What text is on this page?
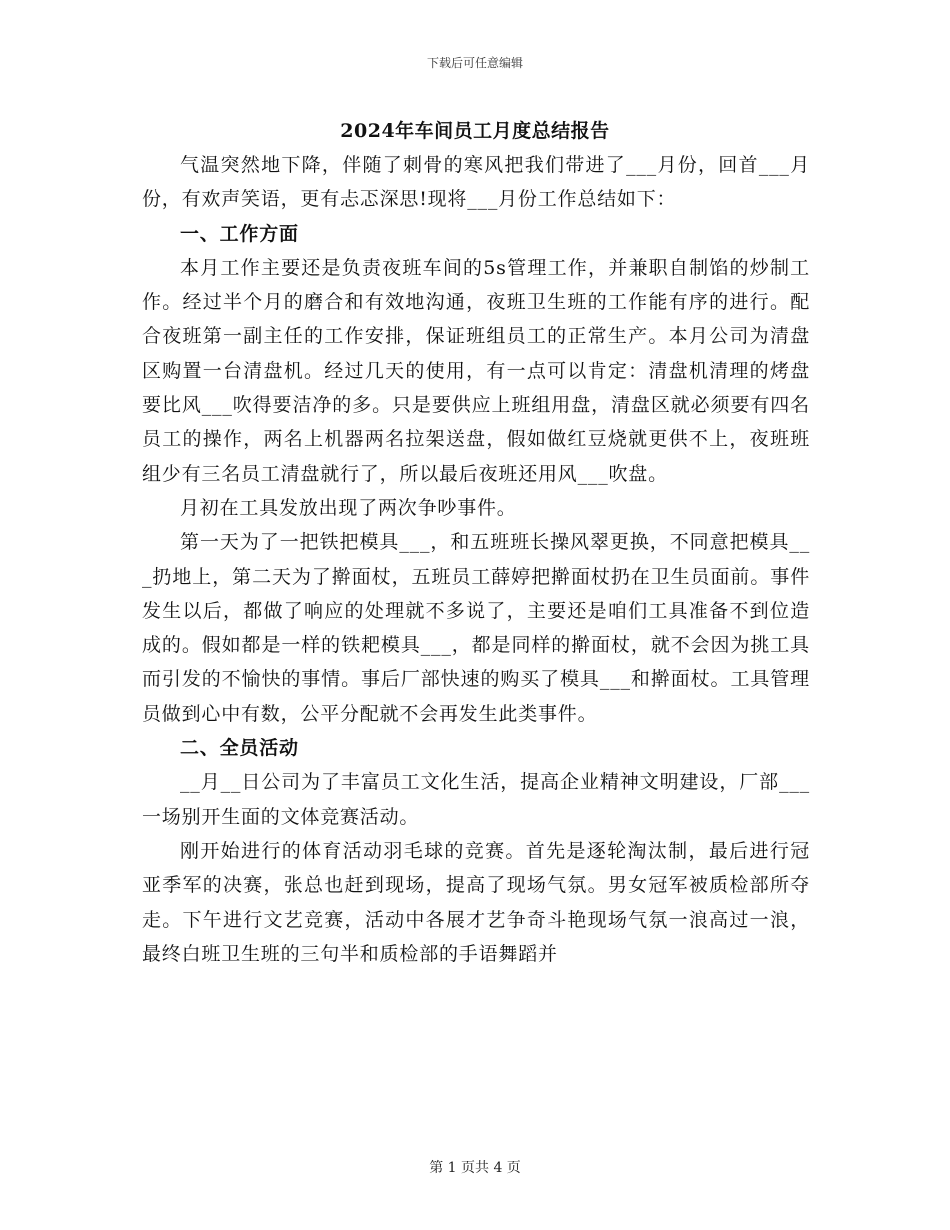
下载后可任意编辑
2024年车间员工月度总结报告

气温突然地下降，伴随了刺骨的寒风把我们带进了___月份，回首___月份，有欢声笑语，更有忐忑深思!现将___月份工作总结如下：

一、工作方面

本月工作主要还是负责夜班车间的5s管理工作，并兼职自制馅的炒制工作。经过半个月的磨合和有效地沟通，夜班卫生班的工作能有序的进行。配合夜班第一副主任的工作安排，保证班组员工的正常生产。本月公司为清盘区购置一台清盘机。经过几天的使用，有一点可以肯定：清盘机清理的烤盘要比风___吹得要洁净的多。只是要供应上班组用盘，清盘区就必须要有四名员工的操作，两名上机器两名拉架送盘，假如做红豆烧就更供不上，夜班班组少有三名员工清盘就行了，所以最后夜班还用风___吹盘。

月初在工具发放出现了两次争吵事件。

第一天为了一把铁把模具___，和五班班长操风翠更换，不同意把模具___扔地上，第二天为了擀面杖，五班员工薛婷把擀面杖扔在卫生员面前。事件发生以后，都做了响应的处理就不多说了，主要还是咱们工具准备不到位造成的。假如都是一样的铁耙模具___，都是同样的擀面杖，就不会因为挑工具而引发的不愉快的事情。事后厂部快速的购买了模具___和擀面杖。工具管理员做到心中有数，公平分配就不会再发生此类事件。

二、全员活动

__月__日公司为了丰富员工文化生活，提高企业精神文明建设，厂部___一场别开生面的文体竞赛活动。

刚开始进行的体育活动羽毛球的竞赛。首先是逐轮淘汰制，最后进行冠亚季军的决赛，张总也赶到现场，提高了现场气氛。男女冠军被质检部所夺走。下午进行文艺竞赛，活动中各展才艺争奇斗艳现场气氛一浪高过一浪，最终白班卫生班的三句半和质检部的手语舞蹈并

第 1 页共 4 页
